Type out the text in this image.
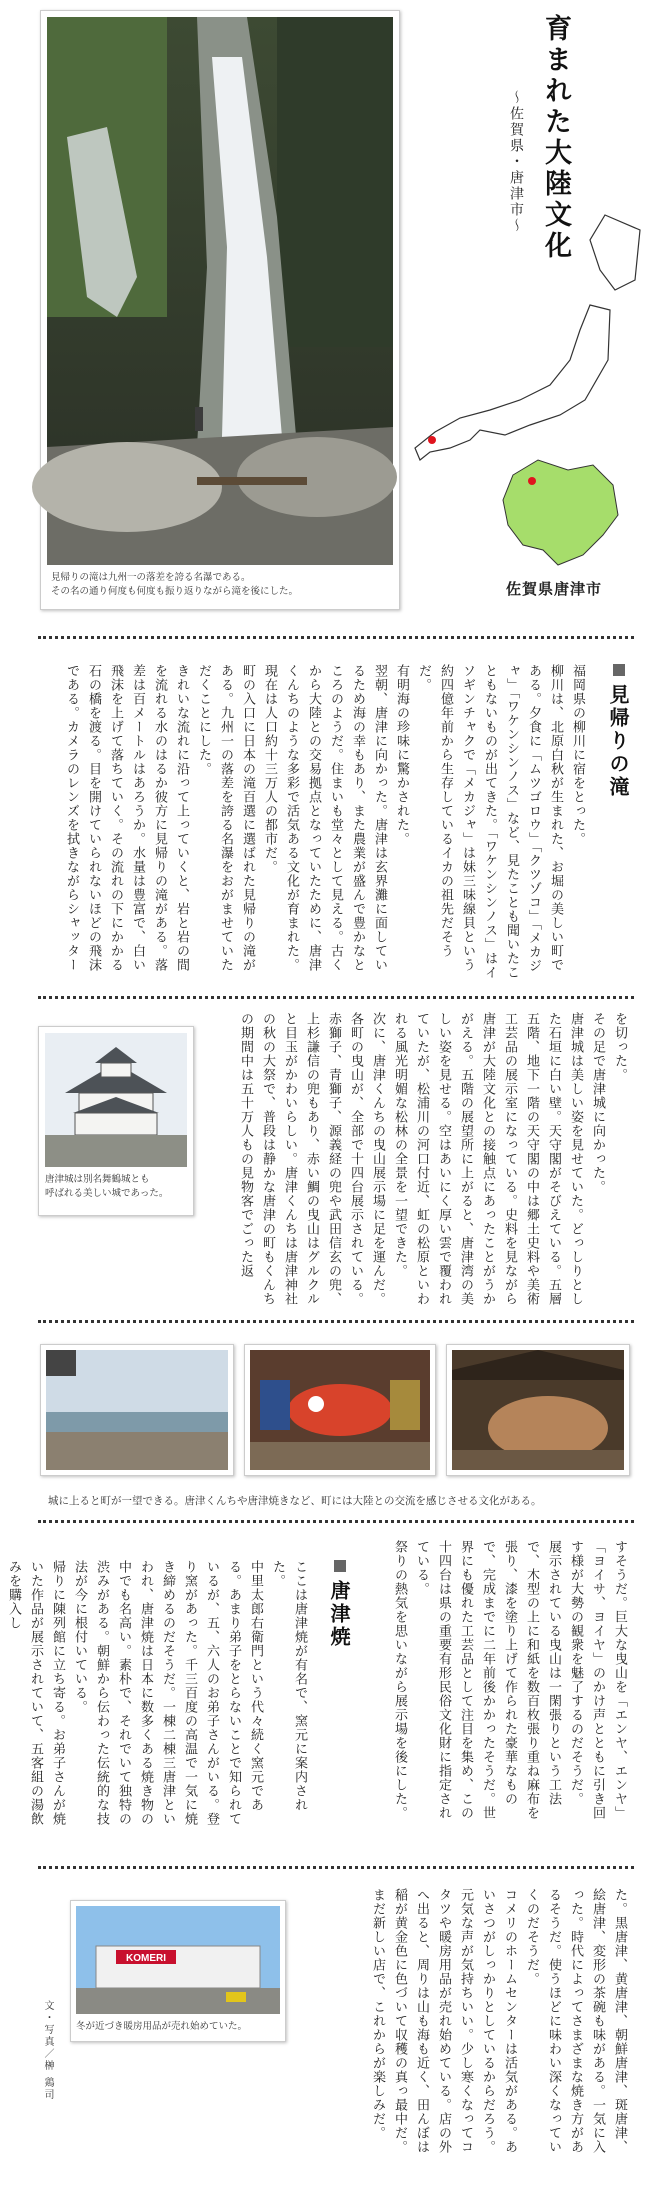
見帰りの滝は九州一の落差を誇る名瀑である。
その名の通り何度も何度も振り返りながら滝を後にした。
育まれた大陸文化
～佐賀県・唐津市～
佐賀県唐津市
見帰りの滝
福岡県の柳川に宿をとった。
柳川は、北原白秋が生まれた、お堀の美しい町である。夕食に「ムツゴロウ」「クツゾコ」「メカジャ」「ワケンシンノス」など、見たことも聞いたこともないものが出てきた。「ワケンシンノス」はイソギンチャクで「メカジャ」は妹三味線貝という約四億年前から生存しているイカの祖先だそうだ。
有明海の珍味に驚かされた。
翌朝、唐津に向かった。唐津は玄界灘に面しているため海の幸もあり、また農業が盛んで豊かなところのようだ。住まいも堂々として見える。古くから大陸との交易拠点となっていたために、唐津くんちのような多彩で活気ある文化が育まれた。現在は人口約十三万人の都市だ。
町の入口に日本の滝百選に選ばれた見帰りの滝がある。九州一の落差を誇る名瀑をおがませていただくことにした。
きれいな流れに沿って上っていくと、岩と岩の間を流れる水のはるか彼方に見帰りの滝がある。落差は百メートルはあろうか。水量は豊富で、白い飛沫を上げて落ちていく。その流れの下にかかる石の橋を渡る。目を開けていられないほどの飛沫である。カメラのレンズを拭きながらシャッター
を切った。
その足で唐津城に向かった。
唐津城は美しい姿を見せていた。どっしりとした石垣に白い壁。天守閣がそびえている。五層五階、地下一階の天守閣の中は郷土史料や美術工芸品の展示室になっている。史料を見ながら唐津が大陸文化との接触点にあったことがうかがえる。五階の展望所に上がると、唐津湾の美しい姿を見せる。空はあいにく厚い雲で覆われていたが、松浦川の河口付近、虹の松原といわれる風光明媚な松林の全景を一望できた。
次に、唐津くんちの曳山展示場に足を運んだ。
各町の曳山が、全部で十四台展示されている。赤獅子、青獅子、源義経の兜や武田信玄の兜、上杉謙信の兜もあり、赤い鯛の曳山はグルクルと目玉がかわいらしい。唐津くんちは唐津神社の秋の大祭で、普段は静かな唐津の町もくんちの期間中は五十万人もの見物客でごった返
唐津城は別名舞鶴城とも
呼ばれる美しい城であった。
城に上ると町が一望できる。唐津くんちや唐津焼きなど、町には大陸との交流を感じさせる文化がある。
すそうだ。巨大な曳山を「エンヤ、エンヤ」「ヨイサ、ヨイヤ」のかけ声とともに引き回す様が大勢の観衆を魅了するのだそうだ。
展示されている曳山は一閑張りという工法で、木型の上に和紙を数百枚張り重ね麻布を張り、漆を塗り上げて作られた豪華なもので、完成までに二年前後かかったそうだ。世界にも優れた工芸品として注目を集め、この十四台は県の重要有形民俗文化財に指定されている。
祭りの熱気を思いながら展示場を後にした。
唐津焼
ここは唐津焼が有名で、窯元に案内された。
中里太郎右衛門という代々続く窯元である。あまり弟子をとらないことで知られているが、五、六人のお弟子さんがいる。登り窯があった。千三百度の高温で一気に焼き締めるのだそうだ。一棟二棟三唐津といわれ、唐津焼は日本に数多くある焼き物の中でも名高い。素朴で、それでいて独特の渋みがある。朝鮮から伝わった伝統的な技法が今に根付いている。
帰りに陳列館に立ち寄る。お弟子さんが焼いた作品が展示されていて、五客組の湯飲みを購入し
た。黒唐津、黄唐津、朝鮮唐津、斑唐津、絵唐津、変形の茶碗も味がある。一気に入った。時代によってさまざまな焼き方があるそうだ。使うほどに味わい深くなっていくのだそうだ。
コメリのホームセンターは活気がある。あいさつがしっかりとしているからだろう。元気な声が気持ちいい。少し寒くなってコタツや暖房用品が売れ始めている。店の外へ出ると、周りは山も海も近く、田んぼは稲が黄金色に色づいて収穫の真っ最中だ。まだ新しい店で、これからが楽しみだ。
KOMERI
冬が近づき暖房用品が売れ始めていた。
文・写真／榊 鶏司
